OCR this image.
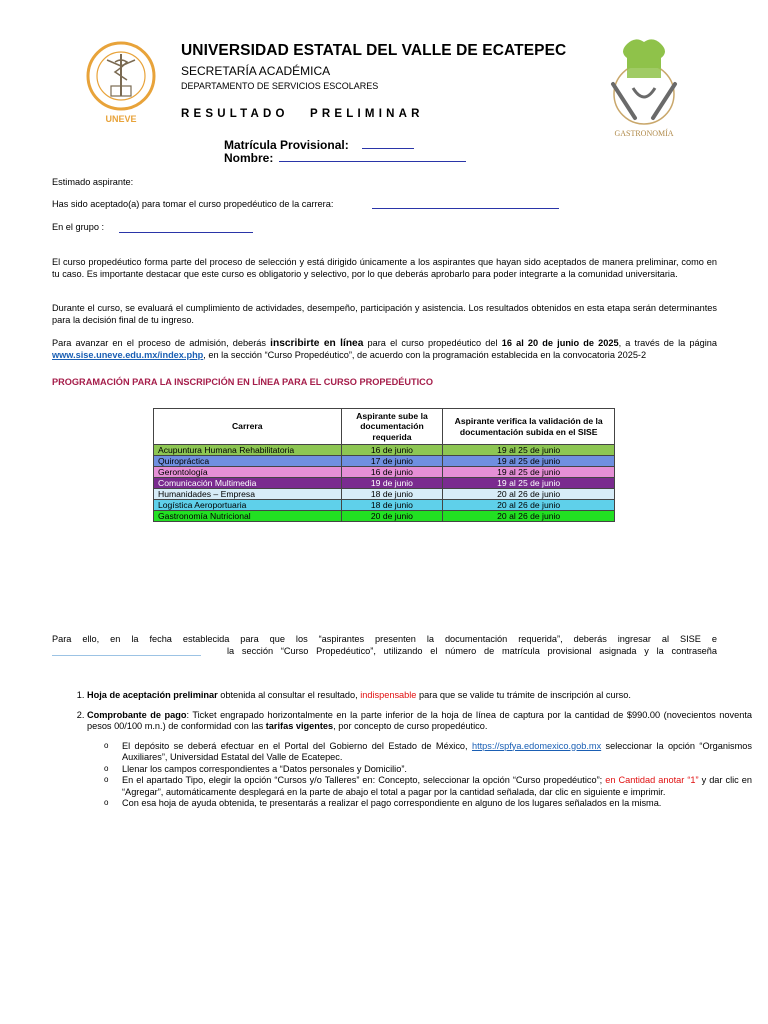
UNEVE
UNIVERSIDAD ESTATAL DEL VALLE DE ECATEPEC
SECRETARÍA ACADÉMICA
DEPARTAMENTO DE SERVICIOS ESCOLARES
RESULTADO PRELIMINAR
GASTRONOMÍA
Matrícula Provisional:
Nombre:
Estimado aspirante:
Has sido aceptado(a) para tomar el curso propedéutico de la carrera:
En el grupo :
El curso propedéutico forma parte del proceso de selección y está dirigido únicamente a los aspirantes que hayan sido aceptados de manera preliminar, como en tu caso. Es importante destacar que este curso es obligatorio y selectivo, por lo que deberás aprobarlo para poder integrarte a la comunidad universitaria.
Durante el curso, se evaluará el cumplimiento de actividades, desempeño, participación y asistencia. Los resultados obtenidos en esta etapa serán determinantes para la decisión final de tu ingreso.
Para avanzar en el proceso de admisión, deberás inscribirte en línea para el curso propedéutico del 16 al 20 de junio de 2025, a través de la página www.sise.uneve.edu.mx/index.php, en la sección “Curso Propedéutico”, de acuerdo con la programación establecida en la convocatoria 2025-2
PROGRAMACIÓN PARA LA INSCRIPCIÓN EN LÍNEA PARA EL CURSO PROPEDÉUTICO
Carrera	Aspirante sube la documentación requerida	Aspirante verifica la validación de la documentación subida en el SISE
Acupuntura Humana Rehabilitatoria	16 de junio	19 al 25 de junio
Quiropráctica	17 de junio	19 al 25 de junio
Gerontología	16 de junio	19 al 25 de junio
Comunicación Multimedia	19 de junio	19 al 25 de junio
Humanidades – Empresa	18 de junio	20 al 26 de junio
Logística Aeroportuaria	18 de junio	20 al 26 de junio
Gastronomía Nutricional	20 de junio	20 al 26 de junio
Para ello, en la fecha establecida para que los “aspirantes presenten la documentación requerida”, deberás ingresar al SISE e
la sección “Curso Propedéutico”, utilizando el número de matrícula provisional asignada y la contraseña
1. Hoja de aceptación preliminar obtenida al consultar el resultado, indispensable para que se valide tu trámite de inscripción al curso.
2. Comprobante de pago: Ticket engrapado horizontalmente en la parte inferior de la hoja de línea de captura por la cantidad de $990.00 (novecientos noventa pesos 00/100 m.n.) de conformidad con las tarifas vigentes, por concepto de curso propedéutico.
o El depósito se deberá efectuar en el Portal del Gobierno del Estado de México, https://spfya.edomexico.gob.mx seleccionar la opción “Organismos Auxiliares”, Universidad Estatal del Valle de Ecatepec.
o Llenar los campos correspondientes a “Datos personales y Domicilio”.
o En el apartado Tipo, elegir la opción “Cursos y/o Talleres” en: Concepto, seleccionar la opción “Curso propedéutico”; en Cantidad anotar “1” y dar clic en “Agregar”, automáticamente desplegará en la parte de abajo el total a pagar por la cantidad señalada, dar clic en siguiente e imprimir.
o Con esa hoja de ayuda obtenida, te presentarás a realizar el pago correspondiente en alguno de los lugares señalados en la misma.
